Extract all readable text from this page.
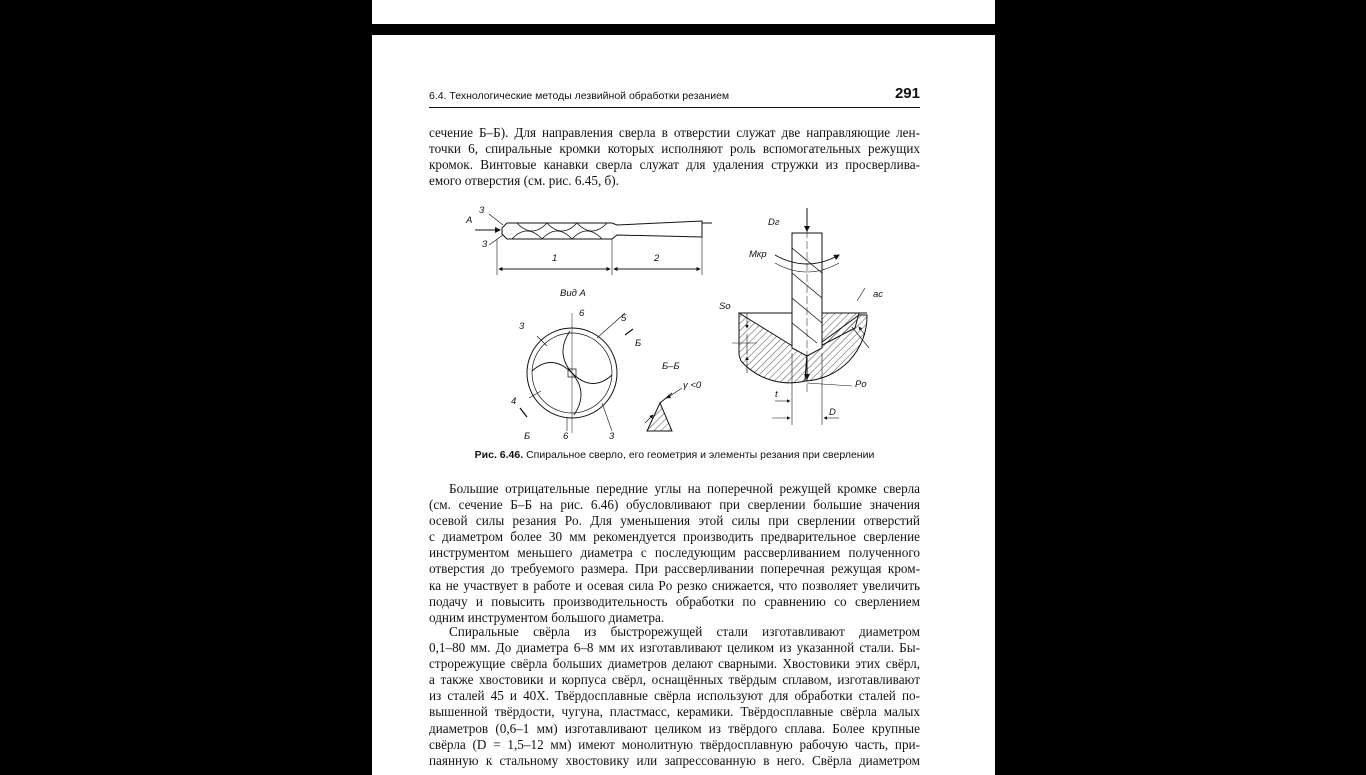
6.4. Технологические методы лезвийной обработки резанием	291

сечение Б–Б). Для направления сверла в отверстии служат две направляющие лен-
точки 6, спиральные кромки которых исполняют роль вспомогательных режущих
кромок. Винтовые канавки сверла служат для удаления стружки из просверлива-
емого отверстия (см. рис. 6.45, б).

A
3
3
1	2
Вид А
3
6	5
Б
4
Б	6	3
Б–Б
γ <0
Dг
Mкр
Sо
ac
Pо
t
D
Рис. 6.46. Спиральное сверло, его геометрия и элементы резания при сверлении

Большие отрицательные передние углы на поперечной режущей кромке сверла
(см. сечение Б–Б на рис. 6.46) обусловливают при сверлении большие значения
осевой силы резания Pо. Для уменьшения этой силы при сверлении отверстий
с диаметром более 30 мм рекомендуется производить предварительное сверление
инструментом меньшего диаметра с последующим рассверливанием полученного
отверстия до требуемого размера. При рассверливании поперечная режущая кром-
ка не участвует в работе и осевая сила Pо резко снижается, что позволяет увеличить
подачу и повысить производительность обработки по сравнению со сверлением
одним инструментом большого диаметра.

Спиральные свёрла из быстрорежущей стали изготавливают диаметром
0,1–80 мм. До диаметра 6–8 мм их изготавливают целиком из указанной стали. Бы-
строрежущие свёрла больших диаметров делают сварными. Хвостовики этих свёрл,
а также хвостовики и корпуса свёрл, оснащённых твёрдым сплавом, изготавливают
из сталей 45 и 40Х. Твёрдосплавные свёрла используют для обработки сталей по-
вышенной твёрдости, чугуна, пластмасс, керамики. Твёрдосплавные свёрла малых
диаметров (0,6–1 мм) изготавливают целиком из твёрдого сплава. Более крупные
свёрла (D = 1,5–12 мм) имеют монолитную твёрдосплавную рабочую часть, при-
паянную к стальному хвостовику или запрессованную в него. Свёрла диаметром
